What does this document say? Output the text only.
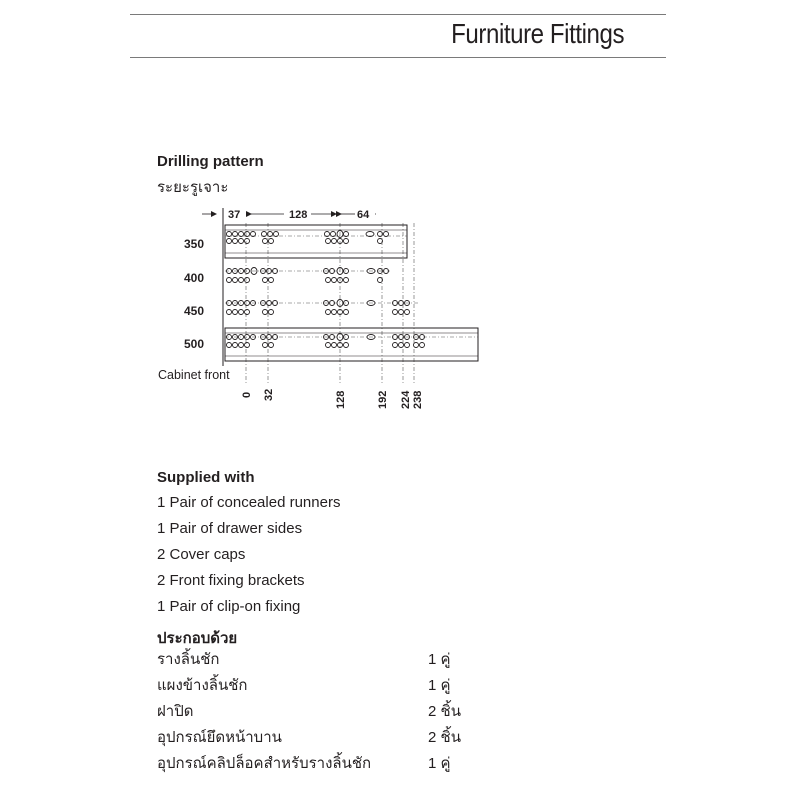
Furniture Fittings
Drilling pattern
ระยะรูเจาะ
37	128	64
350
400
450
500
Cabinet front
0 32	128	192 224 238
Supplied with
1 Pair of concealed runners
1 Pair of drawer sides
2 Cover caps
2 Front fixing brackets
1 Pair of clip-on fixing
ประกอบด้วย
รางลิ้นชัก	1 คู่
แผงข้างลิ้นชัก	1 คู่
ฝาปิด	2 ชิ้น
อุปกรณ์ยึดหน้าบาน	2 ชิ้น
อุปกรณ์คลิปล็อคสำหรับรางลิ้นชัก	1 คู่
